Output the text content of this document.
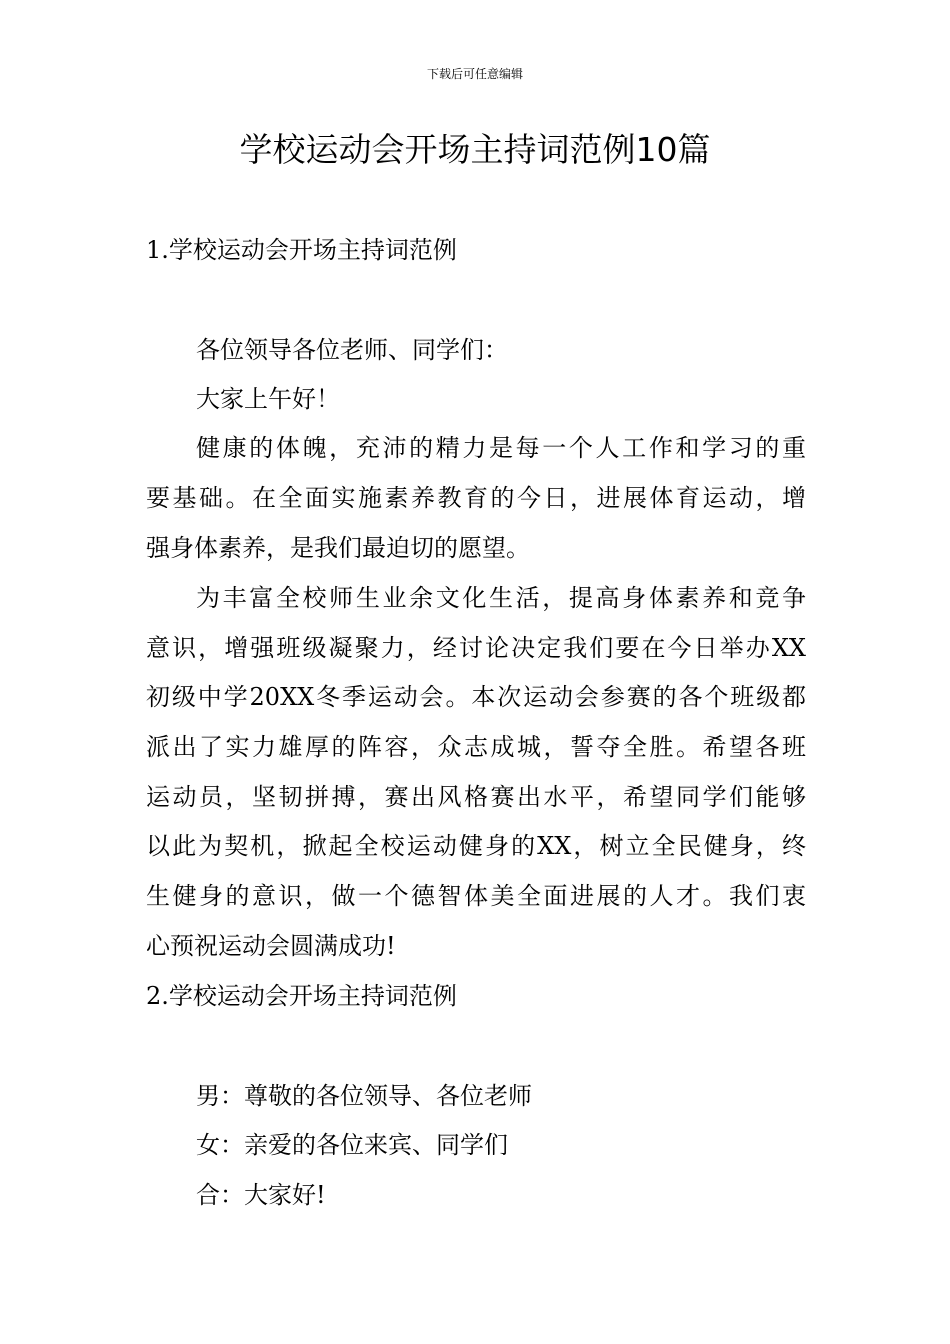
下载后可任意编辑
学校运动会开场主持词范例10篇
1.学校运动会开场主持词范例
各位领导各位老师、同学们：
大家上午好！
健康的体魄，充沛的精力是每一个人工作和学习的重
要基础。在全面实施素养教育的今日，进展体育运动，增
强身体素养，是我们最迫切的愿望。
为丰富全校师生业余文化生活，提高身体素养和竞争
意识，增强班级凝聚力，经讨论决定我们要在今日举办XX
初级中学20XX冬季运动会。本次运动会参赛的各个班级都
派出了实力雄厚的阵容，众志成城，誓夺全胜。希望各班
运动员，坚韧拼搏，赛出风格赛出水平，希望同学们能够
以此为契机，掀起全校运动健身的XX，树立全民健身，终
生健身的意识，做一个德智体美全面进展的人才。我们衷
心预祝运动会圆满成功!
2.学校运动会开场主持词范例
男：尊敬的各位领导、各位老师
女：亲爱的各位来宾、同学们
合：大家好!
